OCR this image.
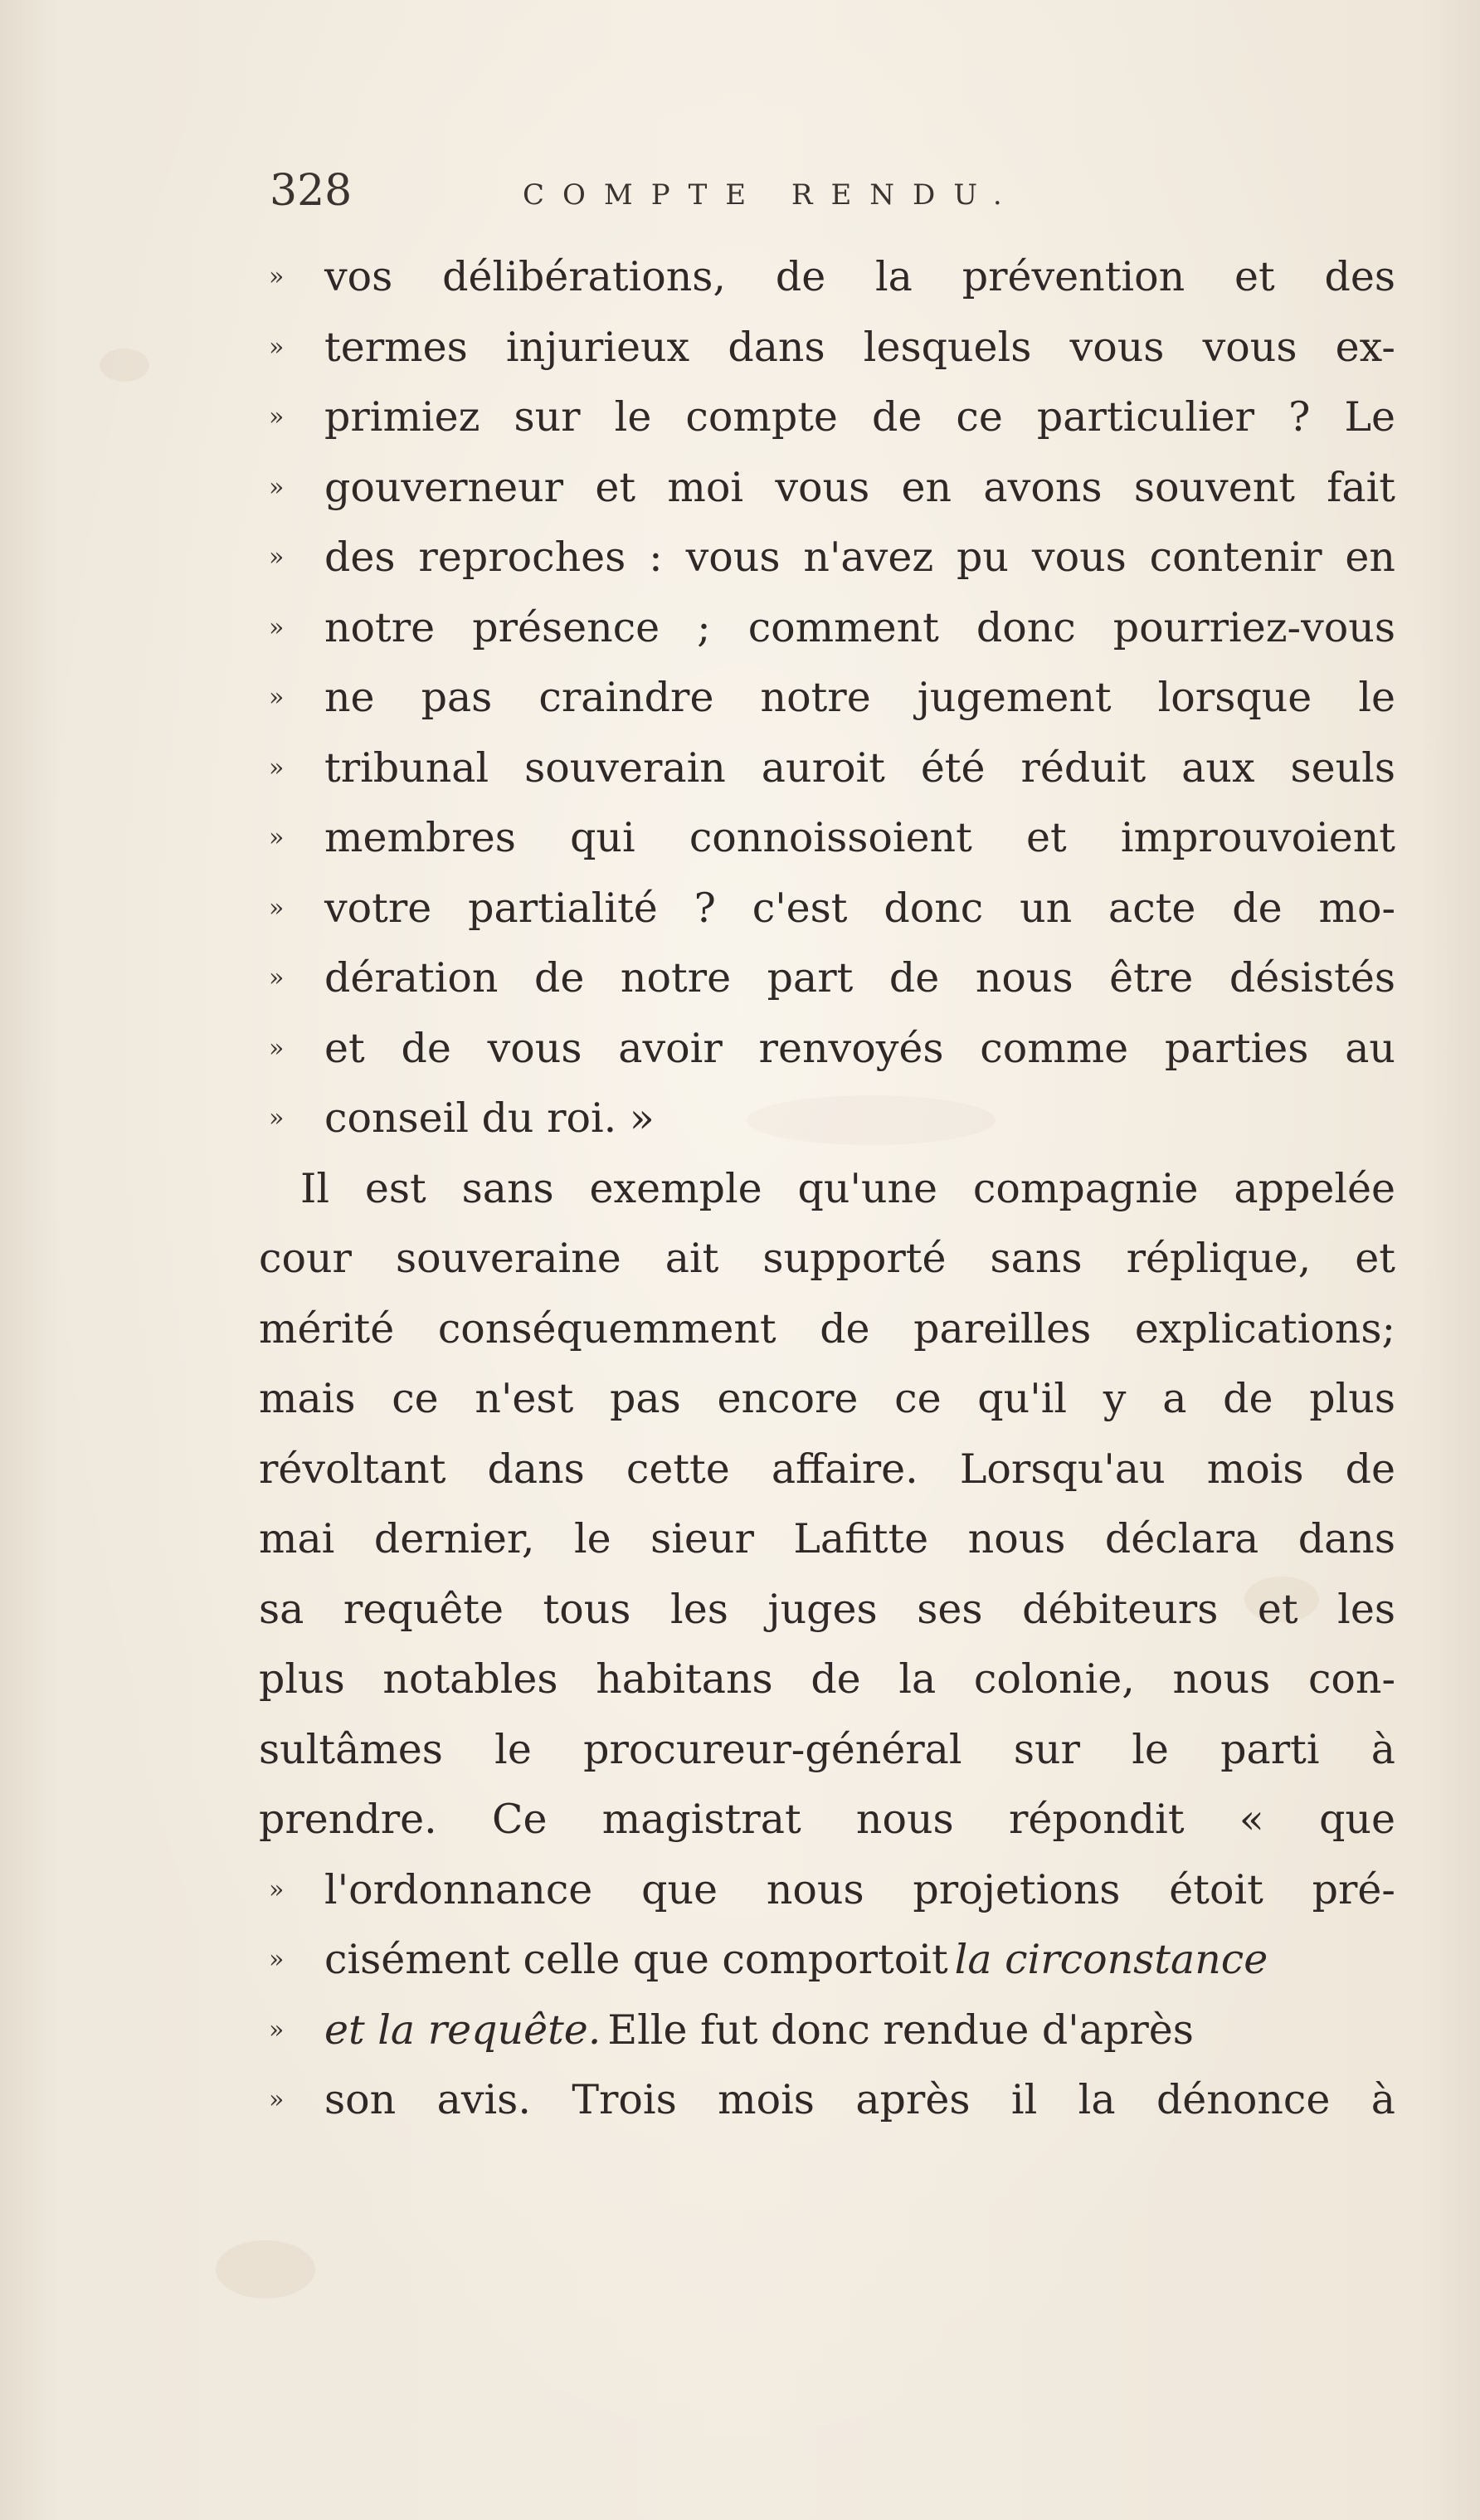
328	COMPTE RENDU.
» vos délibérations, de la prévention et des
» termes injurieux dans lesquels vous vous ex-
» primiez sur le compte de ce particulier ? Le
» gouverneur et moi vous en avons souvent fait
» des reproches : vous n'avez pu vous contenir en
» notre présence ; comment donc pourriez-vous
» ne pas craindre notre jugement lorsque le
» tribunal souverain auroit été réduit aux seuls
» membres qui connoissoient et improuvoient
» votre partialité ? c'est donc un acte de mo-
» dération de notre part de nous être désistés
» et de vous avoir renvoyés comme parties au
» conseil du roi. »
Il est sans exemple qu'une compagnie appelée
cour souveraine ait supporté sans réplique, et
mérité conséquemment de pareilles explications;
mais ce n'est pas encore ce qu'il y a de plus
révoltant dans cette affaire. Lorsqu'au mois de
mai dernier, le sieur Lafitte nous déclara dans
sa requête tous les juges ses débiteurs et les
plus notables habitans de la colonie, nous con-
sultâmes le procureur-général sur le parti à
prendre. Ce magistrat nous répondit « que
» l'ordonnance que nous projetions étoit pré-
» cisément celle que comportoit la circonstance
» et la requête. Elle fut donc rendue d'après
» son avis. Trois mois après il la dénonce à
